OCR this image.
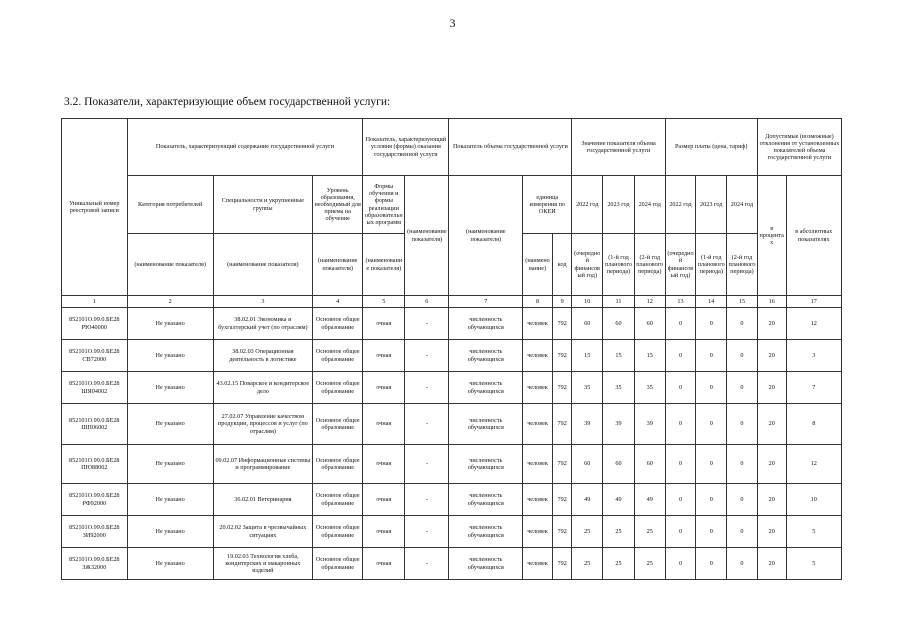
3
3.2. Показатели, характеризующие объем государственной услуги:
Уникальный номер реестровой записи	Показатель, характеризующий содержание государственной услуги			Показатель, характеризующий условия (формы) оказания государственной услуги		Показатель объема государственной услуги			Значение показателя объема государственной услуги			Размер платы (цена, тариф)			Допустимые (возможные) отклонения от установленных показателей объема государственной услуги	
	Категория потребителей	Специальности и укрупненные группы	Уровень образования, необходимый для приема на обучение	Формы обучения и формы реализации образовательных программ	(наименование показателя)	(наименование показателя)	единица измерения по ОКЕИ		2022 год	2023 год	2024 год	2022 год	2023 год	2024 год	в процентах	в абсолютных показателях
	(наименование показателя)	(наименование показателя)	(наименование показателя)	(наименование показателя)			(наименование)	код	(очередной финансовый год)	(1-й год планового периода)	(2-й год планового периода)	(очередной финансовый год)	(1-й год планового периода)	(2-й год планового периода)		
1	2	3	4	5	6	7	8	9	10	11	12	13	14	15	16	17
852101О.99.0.БЕ28 РЮ40000	Не указано	38.02.01 Экономика и бухгалтерский учет (по отраслям)	Основное общее образование	очная	-	численность обучающихся	человек	792	60	60	60	0	0	0	20	12
852101О.99.0.БЕ28 СВ72000	Не указано	38.02.03 Операционная деятельность в логистике	Основное общее образование	очная	-	численность обучающихся	человек	792	15	15	15	0	0	0	20	3
852101О.99.0.БЕ28 ШЯ04002	Не указано	43.02.15 Поварское и кондитерское дело	Основное общее образование	очная	-	численность обучающихся	человек	792	35	35	35	0	0	0	20	7
852101О.99.0.БЕ28 ШП06002	Не указано	27.02.07 Управление качеством продукции, процессов и услуг (по отраслям)	Основное общее образование	очная	-	численность обучающихся	человек	792	39	39	39	0	0	0	20	8
852101О.99.0.БЕ28 ПЮ88002	Не указано	09.02.07 Информационные системы и программирование	Основное общее образование	очная	-	численность обучающихся	человек	792	60	60	60	0	0	0	20	12
852101О.99.0.БЕ28 РФ92000	Не указано	36.02.01 Ветеринария	Основное общее образование	очная	-	численность обучающихся	человек	792	49	49	49	0	0	0	20	10
852101О.99.0.БЕ28 ЗИ92000	Не указано	20.02.02 Защита в чрезвычайных ситуациях	Основное общее образование	очная	-	численность обучающихся	человек	792	25	25	25	0	0	0	20	5
852101О.99.0.БЕ28 ЗЖ32000	Не указано	19.02.03 Технология хлеба, кондитерских и макаронных изделий	Основное общее образование	очная	-	численность обучающихся	человек	792	25	25	25	0	0	0	20	5
